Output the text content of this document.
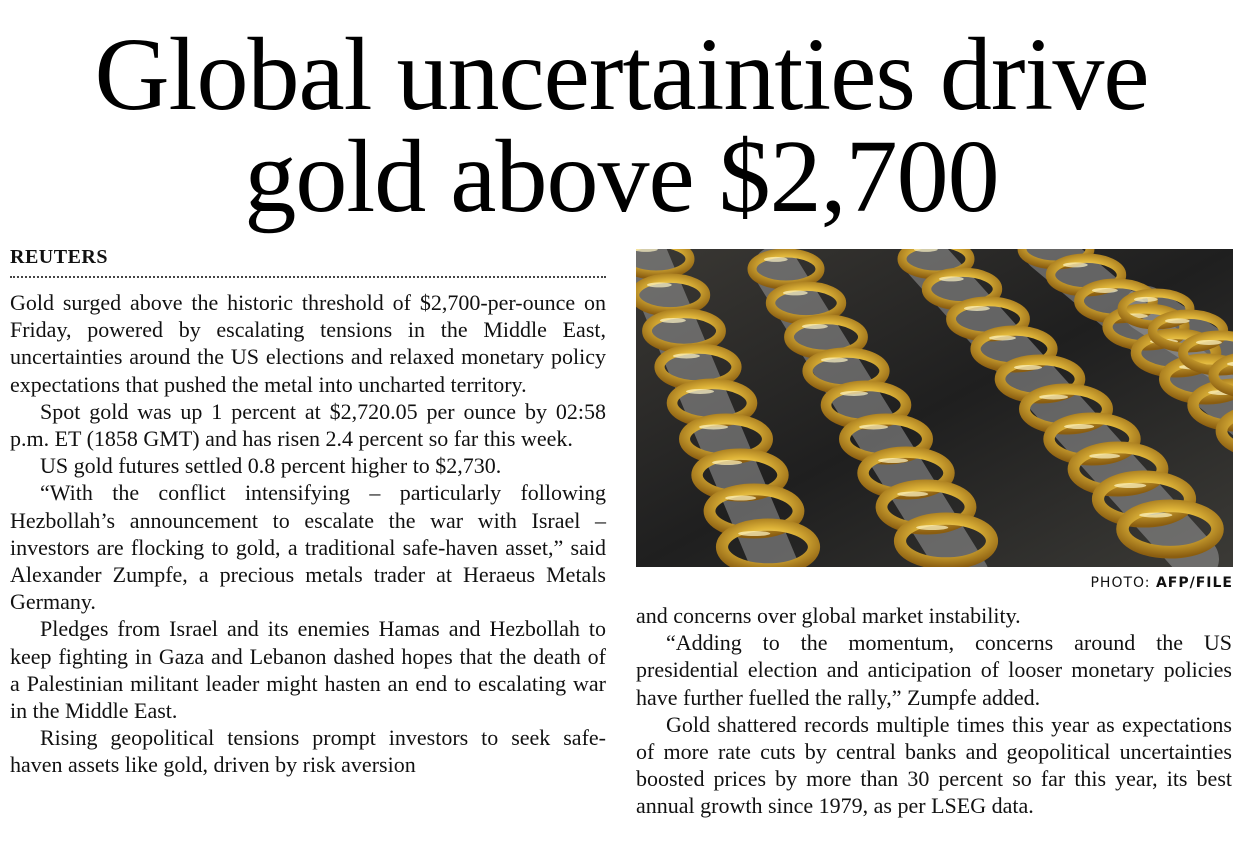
Global uncertainties drive
gold above $2,700
REUTERS

Gold surged above the historic threshold of $2,700-per-ounce on Friday, powered by escalating tensions in the Middle East, uncertainties around the US elections and relaxed monetary policy expectations that pushed the metal into uncharted territory.

Spot gold was up 1 percent at $2,720.05 per ounce by 02:58 p.m. ET (1858 GMT) and has risen 2.4 percent so far this week.

US gold futures settled 0.8 percent higher to $2,730.

“With the conflict intensifying – particularly following Hezbollah’s announcement to escalate the war with Israel – investors are flocking to gold, a traditional safe-haven asset,” said Alexander Zumpfe, a precious metals trader at Heraeus Metals Germany.

Pledges from Israel and its enemies Hamas and Hezbollah to keep fighting in Gaza and Lebanon dashed hopes that the death of a Palestinian militant leader might hasten an end to escalating war in the Middle East.

Rising geopolitical tensions prompt investors to seek safe-haven assets like gold, driven by risk aversion

PHOTO: AFP/FILE

and concerns over global market instability.

“Adding to the momentum, concerns around the US presidential election and anticipation of looser monetary policies have further fuelled the rally,” Zumpfe added.

Gold shattered records multiple times this year as expectations of more rate cuts by central banks and geopolitical uncertainties boosted prices by more than 30 percent so far this year, its best annual growth since 1979, as per LSEG data.
